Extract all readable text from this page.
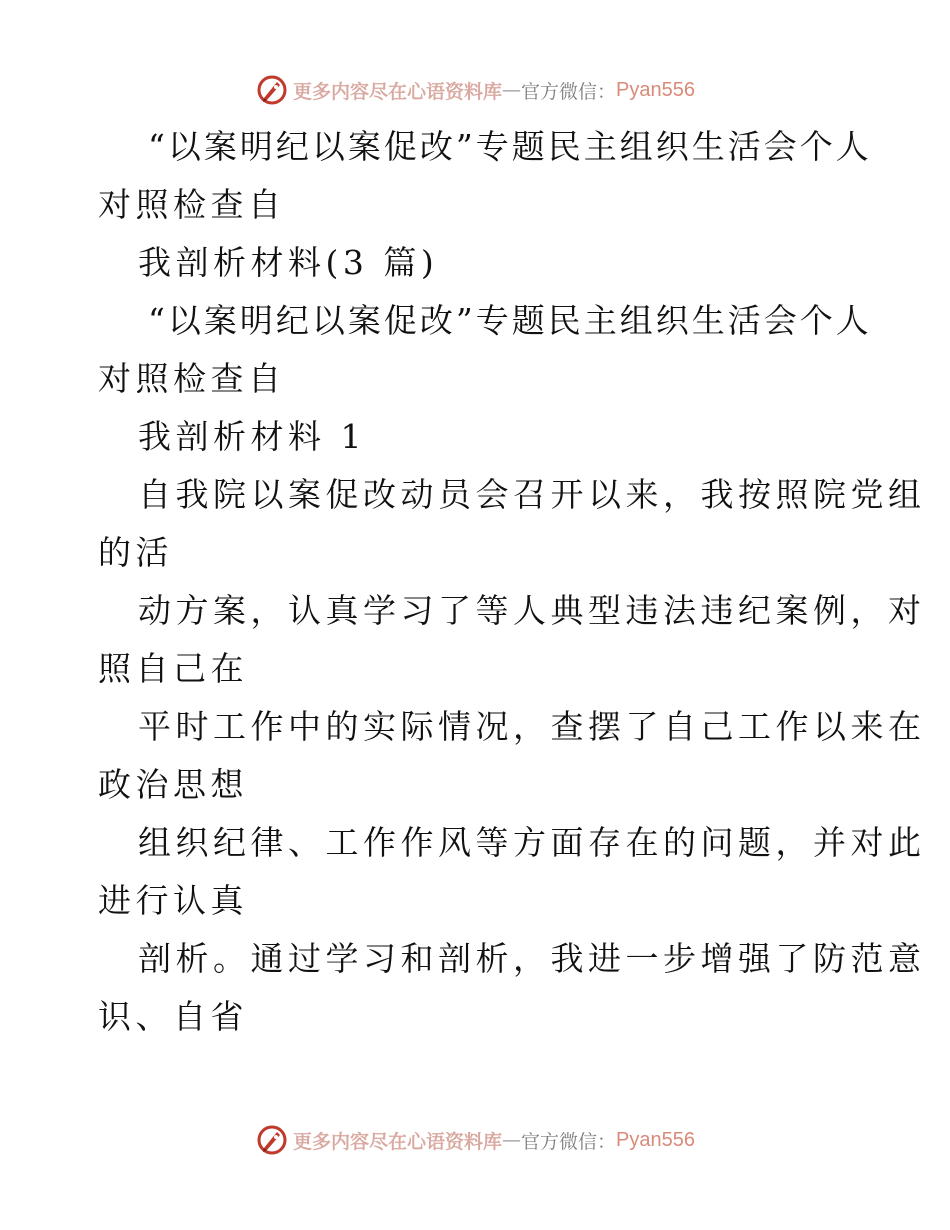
更多内容尽在心语资料库 — 官方微信： Pyan556
“以案明纪以案促改”专题民主组织生活会个人
对照检查自
我剖析材料(3 篇)
“以案明纪以案促改”专题民主组织生活会个人
对照检查自
我剖析材料 1
自我院以案促改动员会召开以来，我按照院党组
的活
动方案，认真学习了等人典型违法违纪案例，对
照自己在
平时工作中的实际情况，查摆了自己工作以来在
政治思想
组织纪律、工作作风等方面存在的问题，并对此
进行认真
剖析。通过学习和剖析，我进一步增强了防范意
识、自省
更多内容尽在心语资料库 — 官方微信： Pyan556
